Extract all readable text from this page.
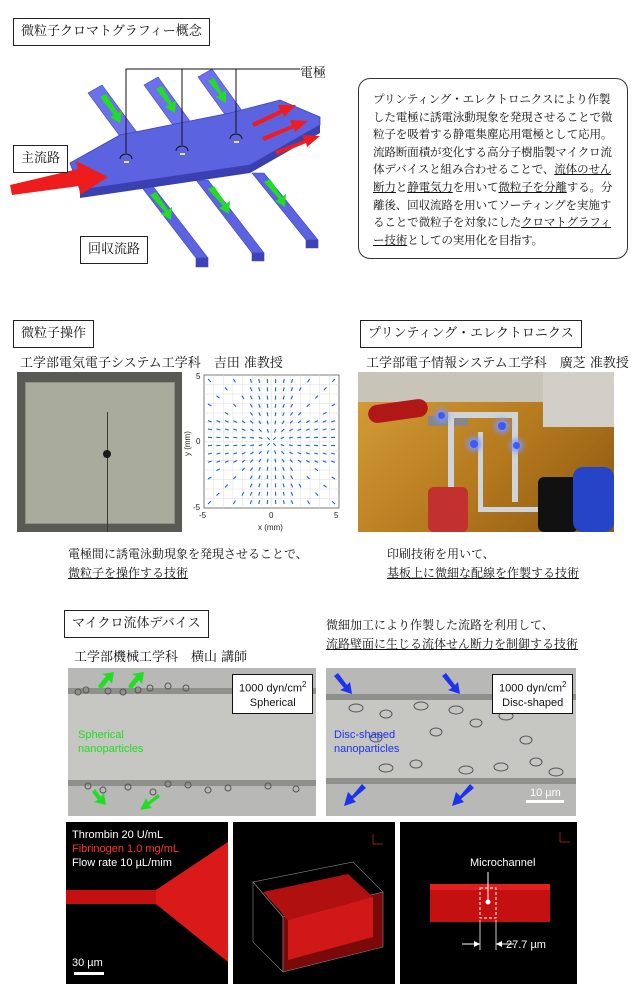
微粒子クロマトグラフィー概念
電極
主流路
回収流路
プリンティング・エレクトロニクスにより作製した電極に誘電泳動現象を発現させることで微粒子を吸着する静電集塵応用電極として応用。流路断面積が変化する高分子樹脂製マイクロ流体デバイスと組み合わせることで、流体のせん断力と静電気力を用いて微粒子を分離する。分離後、回収流路を用いてソーティングを実施することで微粒子を対象にしたクロマトグラフィー技術としての実用化を目指す。
微粒子操作
工学部電気電子システム工学科　吉田 准教授
5
0
-5
-5	0	5
x (mm)
y (mm)
電極間に誘電泳動現象を発現させることで、
微粒子を操作する技術
プリンティング・エレクトロニクス
工学部電子情報システム工学科　廣芝 准教授
印刷技術を用いて、
基板上に微細な配線を作製する技術
マイクロ流体デバイス
工学部機械工学科　横山 講師
微細加工により作製した流路を利用して、
流路壁面に生じる流体せん断力を制御する技術
Spherical
nanoparticles
1000 dyn/$cm^2$
Spherical
Disc-shaped
nanoparticles
10 µm
1000 dyn/$cm^2$
Disc-shaped
Thrombin 20 U/mL
Fibrinogen 1.0 mg/mL
Flow rate 10 µL/mim
30 µm
Microchannel
27.7 µm
